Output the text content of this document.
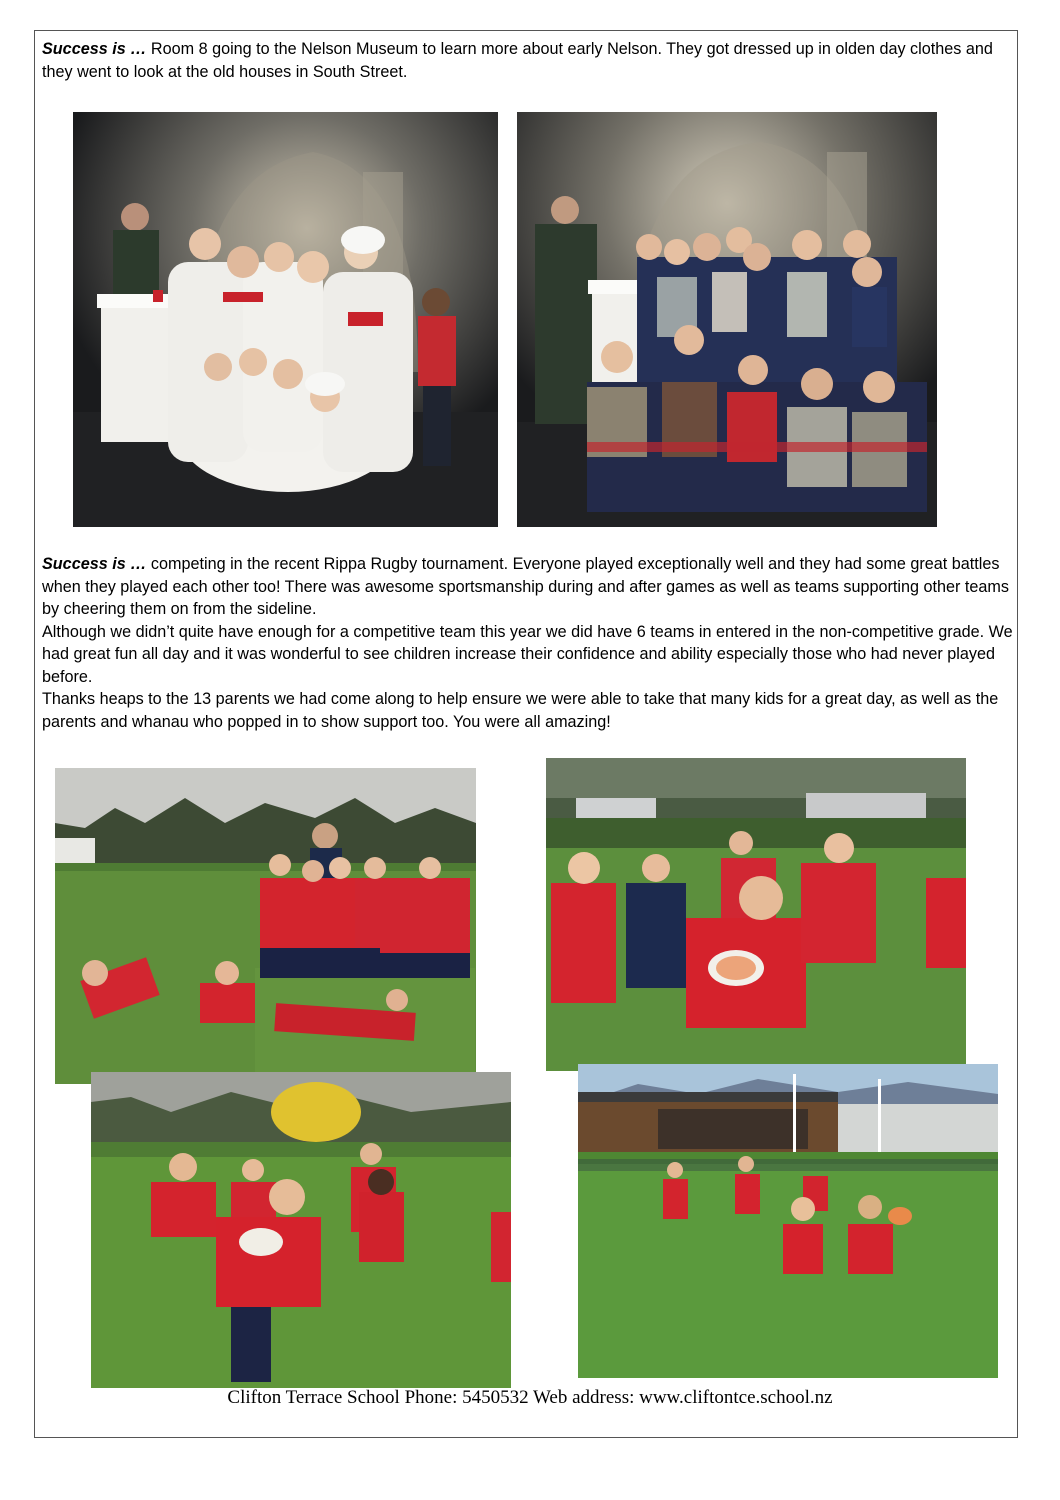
Success is … Room 8 going to the Nelson Museum to learn more about early Nelson. They got dressed up in olden day clothes and they went to look at the old houses in South Street.

Success is … competing in the recent Rippa Rugby tournament. Everyone played exceptionally well and they had some great battles when they played each other too! There was awesome sportsmanship during and after games as well as teams supporting other teams by cheering them on from the sideline.
Although we didn’t quite have enough for a competitive team this year we did have 6 teams in entered in the non-competitive grade. We had great fun all day and it was wonderful to see children increase their confidence and ability especially those who had never played before.
Thanks heaps to the 13 parents we had come along to help ensure we were able to take that many kids for a great day, as well as the parents and whanau who popped in to show support too. You were all amazing!

Clifton Terrace School Phone: 5450532 Web address: www.cliftontce.school.nz
